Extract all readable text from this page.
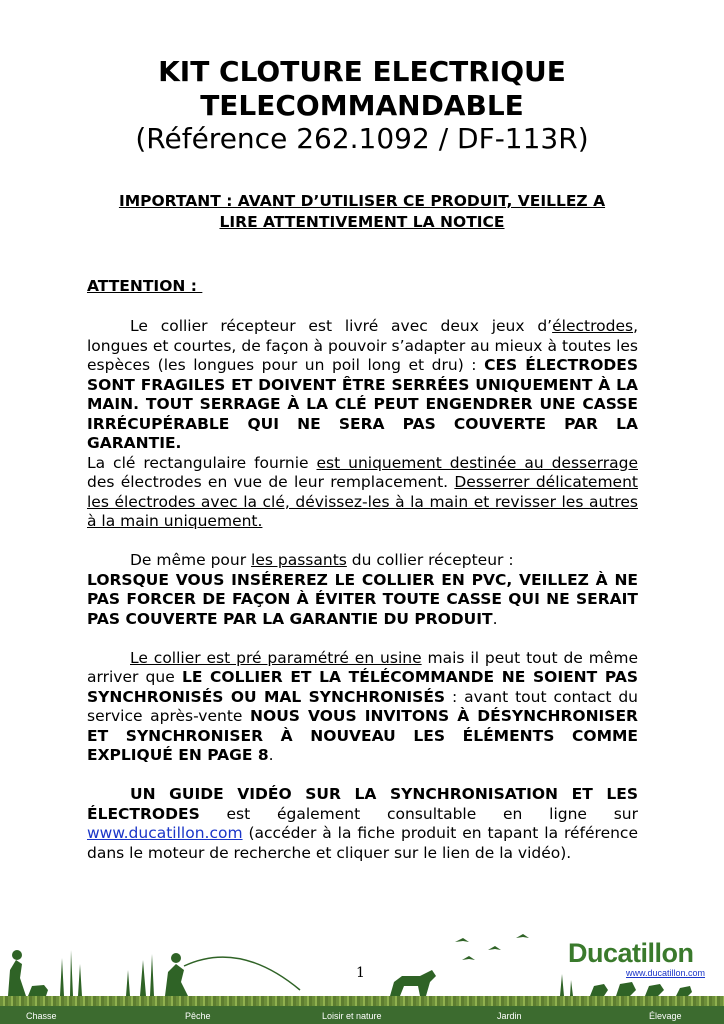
KIT CLOTURE ELECTRIQUE
TELECOMMANDABLE
(Référence 262.1092 / DF-113R)
IMPORTANT : AVANT D’UTILISER CE PRODUIT, VEILLEZ A
LIRE ATTENTIVEMENT LA NOTICE
ATTENTION :

Le collier récepteur est livré avec deux jeux d’électrodes, longues et courtes, de façon à pouvoir s’adapter au mieux à toutes les espèces (les longues pour un poil long et dru) : CES ÉLECTRODES SONT FRAGILES ET DOIVENT ÊTRE SERRÉES UNIQUEMENT À LA MAIN. TOUT SERRAGE À LA CLÉ PEUT ENGENDRER UNE CASSE IRRÉCUPÉRABLE QUI NE SERA PAS COUVERTE PAR LA GARANTIE.
La clé rectangulaire fournie est uniquement destinée au desserrage des électrodes en vue de leur remplacement. Desserrer délicatement les électrodes avec la clé, dévissez-les à la main et revisser les autres à la main uniquement.

De même pour les passants du collier récepteur :
LORSQUE VOUS INSÉREREZ LE COLLIER EN PVC, VEILLEZ À NE PAS FORCER DE FAÇON À ÉVITER TOUTE CASSE QUI NE SERAIT PAS COUVERTE PAR LA GARANTIE DU PRODUIT.

Le collier est pré paramétré en usine mais il peut tout de même arriver que LE COLLIER ET LA TÉLÉCOMMANDE NE SOIENT PAS SYNCHRONISÉS OU MAL SYNCHRONISÉS : avant tout contact du service après-vente NOUS VOUS INVITONS À DÉSYNCHRONISER ET SYNCHRONISER À NOUVEAU LES ÉLÉMENTS COMME EXPLIQUÉ EN PAGE 8.

UN GUIDE VIDÉO SUR LA SYNCHRONISATION ET LES ÉLECTRODES est également consultable en ligne sur www.ducatillon.com (accéder à la fiche produit en tapant la référence dans le moteur de recherche et cliquer sur le lien de la vidéo).

1
Ducatillon
www.ducatillon.com
Chasse	Pêche	Loisir et nature	Jardin	Élevage
